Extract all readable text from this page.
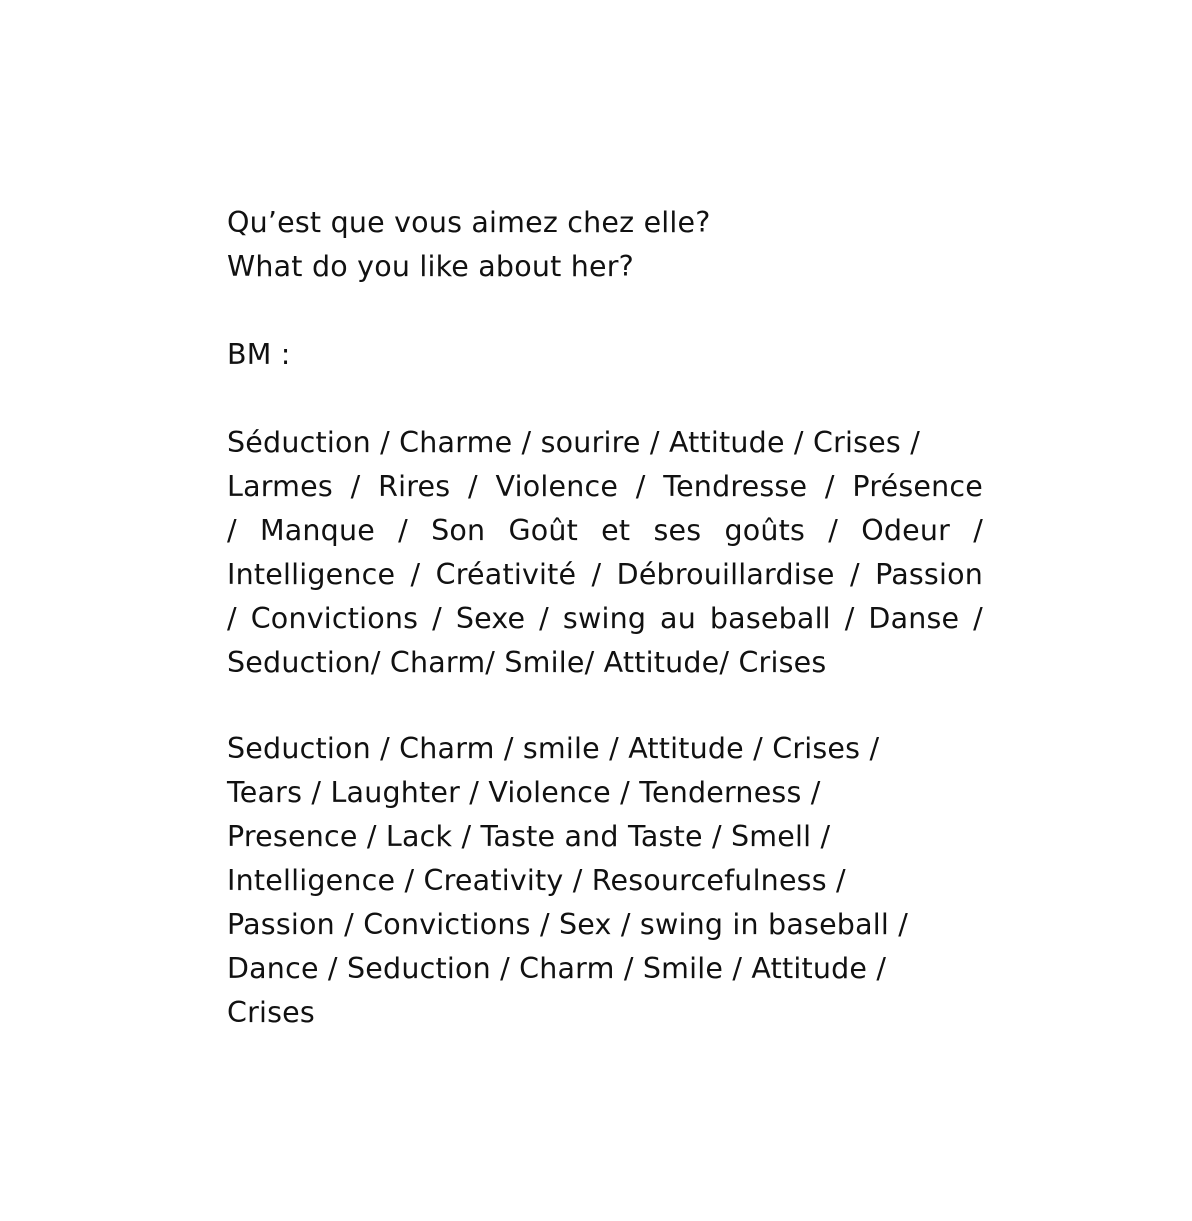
Qu’est que vous aimez chez elle?
What do you like about her?
BM :
Séduction / Charme / sourire / Attitude / Crises /
Larmes / Rires / Violence / Tendresse / Présence
/ Manque / Son Goût et ses goûts / Odeur /
Intelligence / Créativité / Débrouillardise / Passion
/ Convictions / Sexe / swing au baseball / Danse /
Seduction/ Charm/ Smile/ Attitude/ Crises
Seduction / Charm / smile / Attitude / Crises /
Tears / Laughter / Violence / Tenderness /
Presence / Lack / Taste and Taste / Smell /
Intelligence / Creativity / Resourcefulness /
Passion / Convictions / Sex / swing in baseball /
Dance / Seduction / Charm / Smile / Attitude /
Crises
